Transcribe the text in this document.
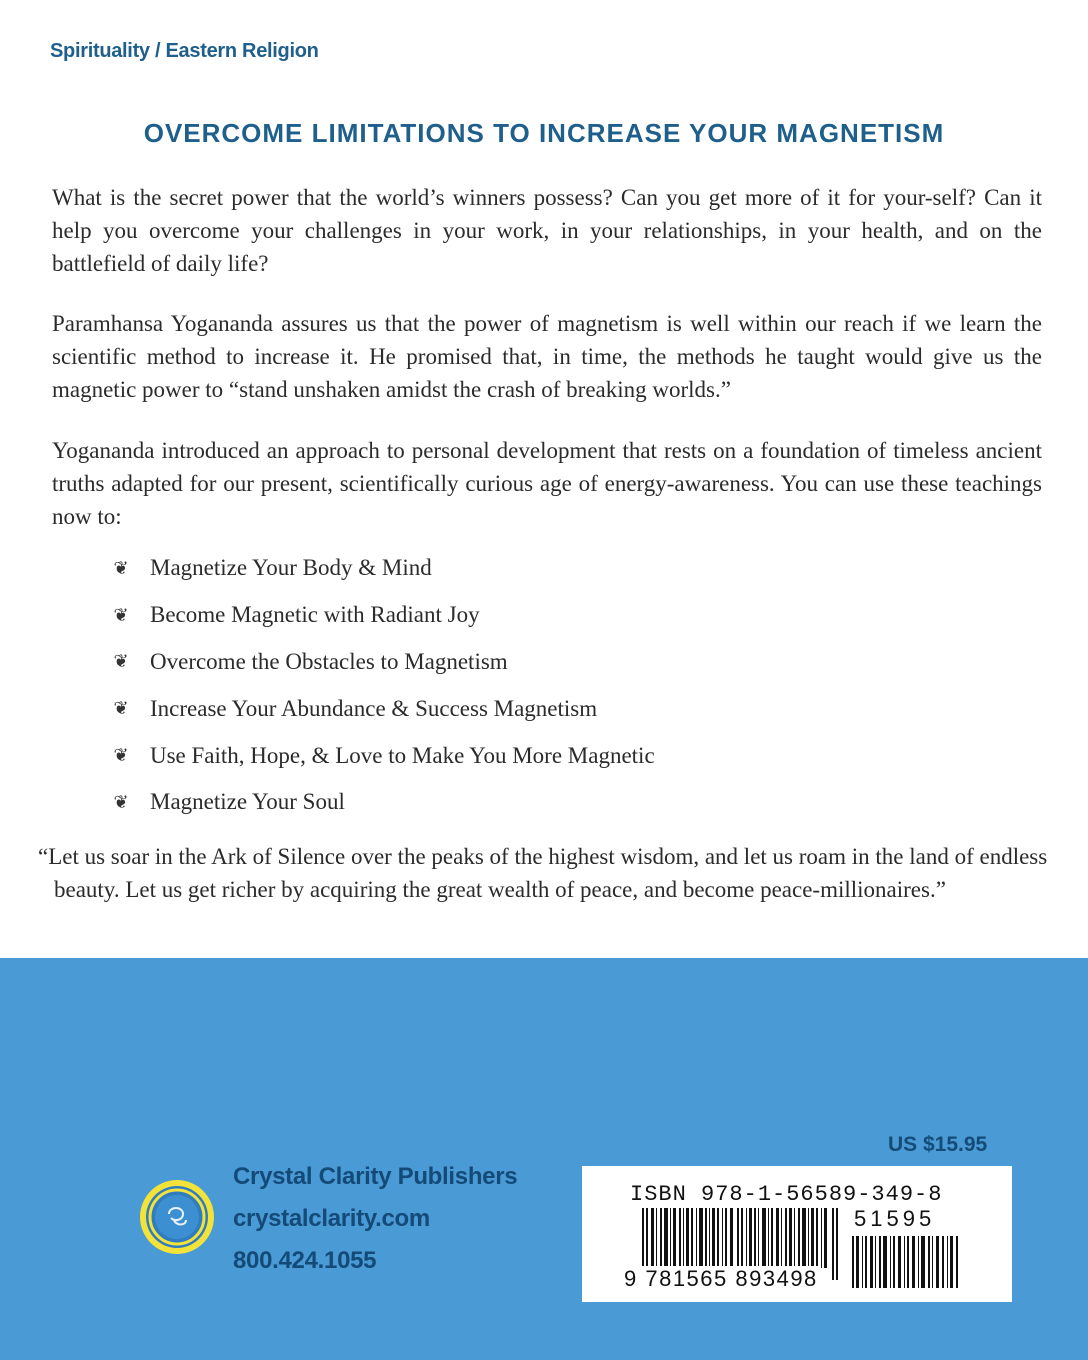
Spirituality / Eastern Religion
OVERCOME LIMITATIONS TO INCREASE YOUR MAGNETISM

What is the secret power that the world’s winners possess? Can you get more of it for your-self? Can it help you overcome your challenges in your work, in your relationships, in your health, and on the battlefield of daily life?

Paramhansa Yogananda assures us that the power of magnetism is well within our reach if we learn the scientific method to increase it. He promised that, in time, the methods he taught would give us the magnetic power to “stand unshaken amidst the crash of breaking worlds.”

Yogananda introduced an approach to personal development that rests on a foundation of timeless ancient truths adapted for our present, scientifically curious age of energy-awareness. You can use these teachings now to:

❦ Magnetize Your Body & Mind
❦ Become Magnetic with Radiant Joy
❦ Overcome the Obstacles to Magnetism
❦ Increase Your Abundance & Success Magnetism
❦ Use Faith, Hope, & Love to Make You More Magnetic
❦ Magnetize Your Soul

“Let us soar in the Ark of Silence over the peaks of the highest wisdom, and let us roam in the land of endless beauty. Let us get richer by acquiring the great wealth of peace, and become peace-millionaires.”

US $15.95
Crystal Clarity Publishers
crystalclarity.com
800.424.1055
ISBN 978-1-56589-349-8
51595
9 781565 893498
